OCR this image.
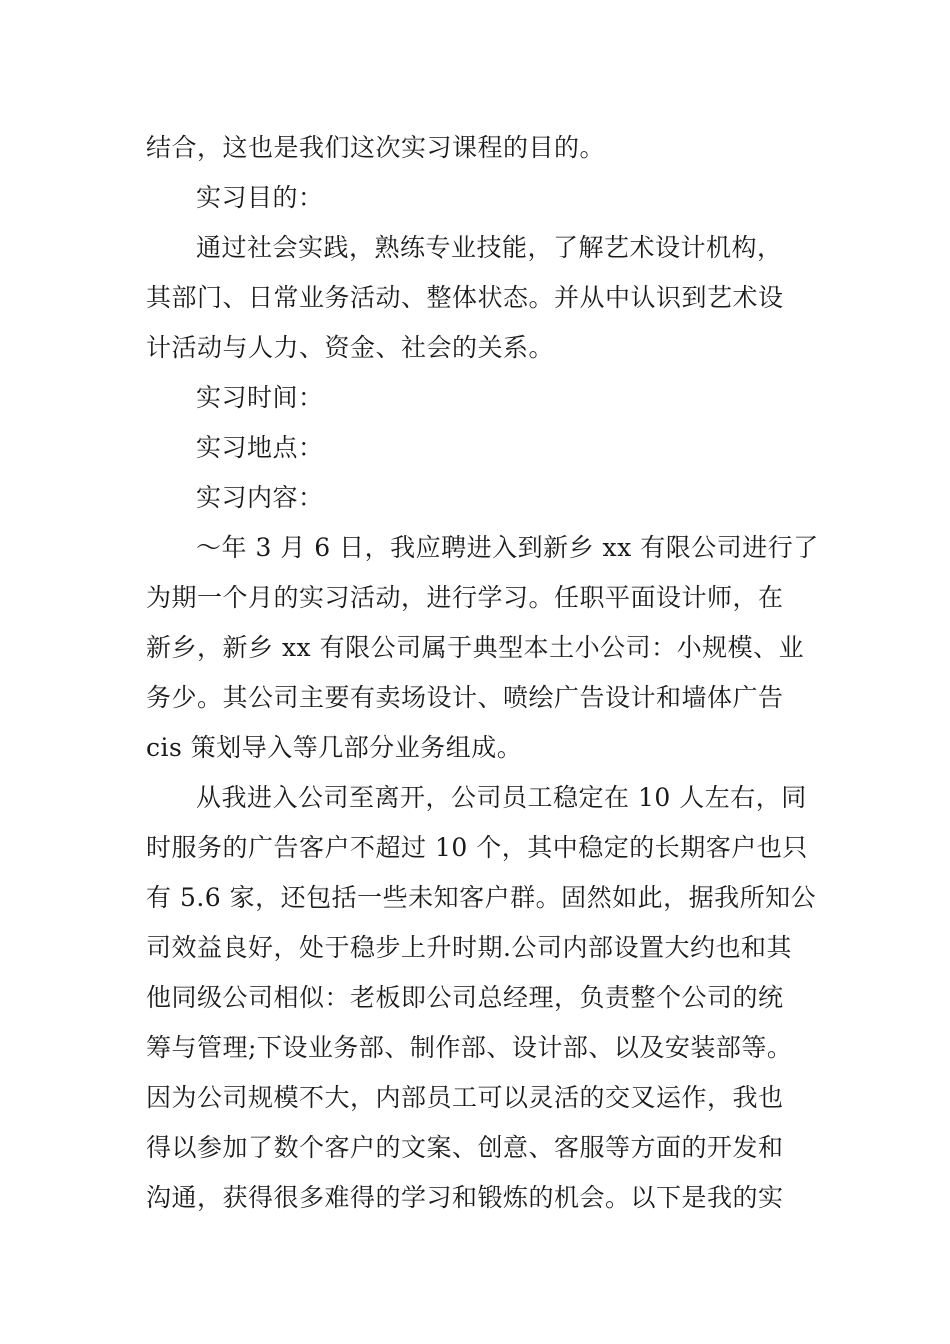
结合，这也是我们这次实习课程的目的。
实习目的：
通过社会实践，熟练专业技能，了解艺术设计机构，
其部门、日常业务活动、整体状态。并从中认识到艺术设
计活动与人力、资金、社会的关系。
实习时间：
实习地点：
实习内容：
～年 3 月 6 日，我应聘进入到新乡 xx 有限公司进行了
为期一个月的实习活动，进行学习。任职平面设计师，在
新乡，新乡 xx 有限公司属于典型本土小公司：小规模、业
务少。其公司主要有卖场设计、喷绘广告设计和墙体广告
cis 策划导入等几部分业务组成。
从我进入公司至离开，公司员工稳定在 10 人左右，同
时服务的广告客户不超过 10 个，其中稳定的长期客户也只
有 5.6 家，还包括一些未知客户群。固然如此，据我所知公
司效益良好，处于稳步上升时期.公司内部设置大约也和其
他同级公司相似：老板即公司总经理，负责整个公司的统
筹与管理;下设业务部、制作部、设计部、以及安装部等。
因为公司规模不大，内部员工可以灵活的交叉运作，我也
得以参加了数个客户的文案、创意、客服等方面的开发和
沟通，获得很多难得的学习和锻炼的机会。以下是我的实
